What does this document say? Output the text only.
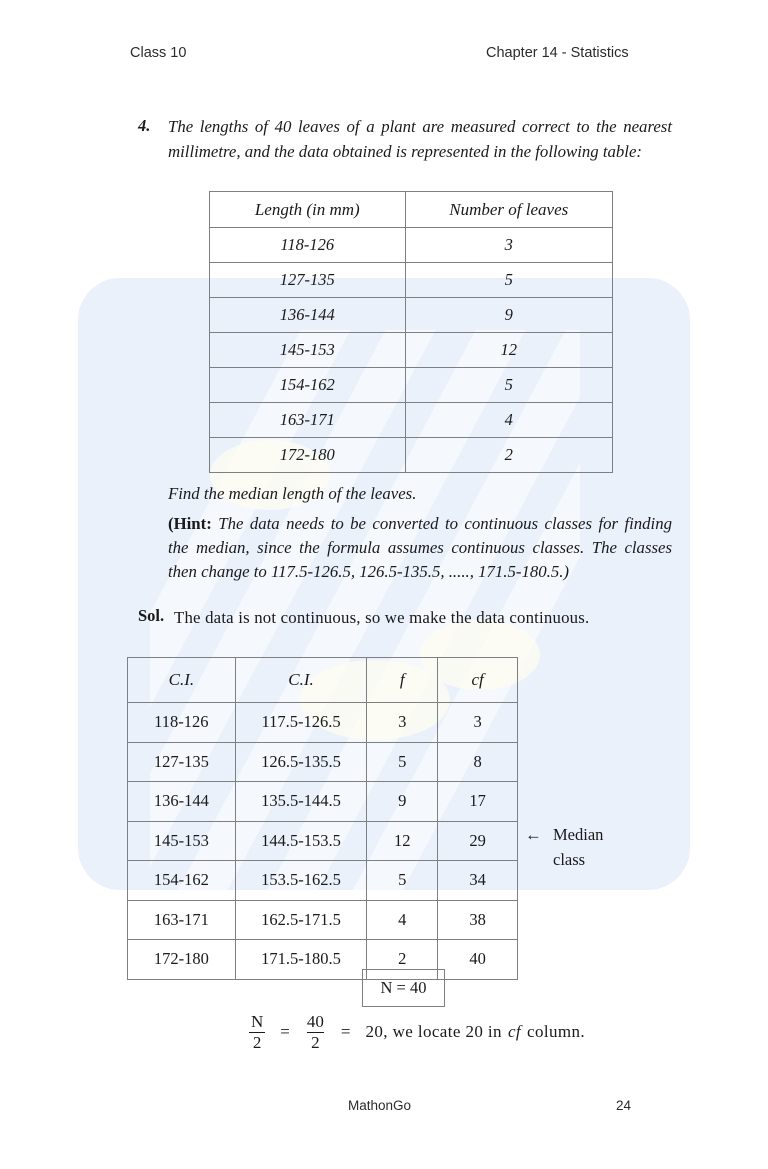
Class 10	Chapter 14 - Statistics
4. The lengths of 40 leaves of a plant are measured correct to the nearest millimetre, and the data obtained is represented in the following table:
Length (in mm)	Number of leaves
118-126	3
127-135	5
136-144	9
145-153	12
154-162	5
163-171	4
172-180	2
Find the median length of the leaves.
(Hint: The data needs to be converted to continuous classes for finding the median, since the formula assumes continuous classes. The classes then change to 117.5-126.5, 126.5-135.5, ....., 171.5-180.5.)
Sol. The data is not continuous, so we make the data continuous.
C.I.	C.I.	f	cf
118-126	117.5-126.5	3	3
127-135	126.5-135.5	5	8
136-144	135.5-144.5	9	17
145-153	144.5-153.5	12	29
154-162	153.5-162.5	5	34
163-171	162.5-171.5	4	38
172-180	171.5-180.5	2	40
N = 40
← Median
class
$\frac{N}{2} = \frac{40}{2} = 20$, we locate 20 in cf column.
MathonGo	24
